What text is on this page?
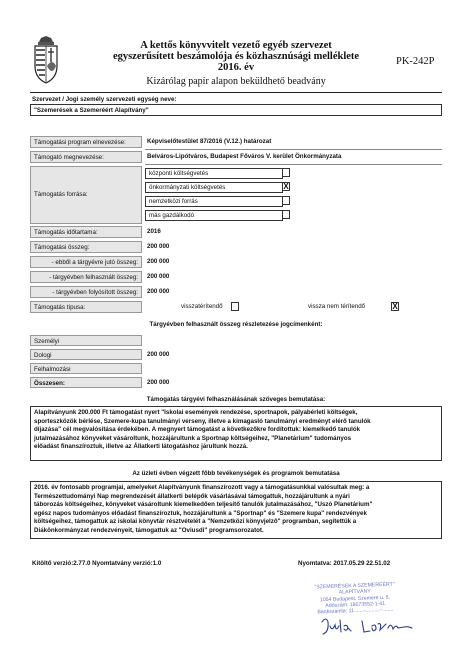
A kettős könyvvitelt vezető egyéb szervezet
egyszerűsített beszámolója és közhasznúsági melléklete
2016. év
Kizárólag papír alapon beküldhető beadvány
PK-242P
Szervezet / Jogi személy szervezeti egység neve:
"Szemerések a Szemeréért Alapítvány"
Támogatási program elnevezése:	Képviselőtestület 87/2016 (V.12.) határozat
Támogató megnevezése:	Belváros-Lipótváros, Budapest Főváros V. kerület Önkormányzata
Támogatás forrása:
központi költségvetés
önkormányzati költségvetés	X
nemzetközi forrás
más gazdálkodó
Támogatás időtartama:	2016
Támogatási összeg:	200 000
- ebből a tárgyévre jutó összeg: 200 000
- tárgyévben felhasznált összeg: 200 000
- tárgyévben folyósított összeg: 200 000
Támogatás típusa:	visszatérítendő	vissza nem térítendő	X
Tárgyévben felhasznált összeg részletezése jogcímenként:
Személyi
Dologi	200 000
Felhalmozási
Összesen:	200 000
Támogatás tárgyévi felhasználásának szöveges bemutatása:
Alapítványunk 200.000 Ft támogatást nyert "Iskolai események rendezése, sportnapok, pályabérleti költségek,
sporteszközök bérlése, Szemere-kupa tanulmányi verseny, illetve a kimagasló tanulmányi eredményt elérő tanulók
díjazása" cél megvalósítása érdekében. A megnyert támogatást a következőkre fordítottuk: kiemelkedő tanulók
jutalmazásához könyveket vásároltunk, hozzájárultunk a Sportnap költségeihez, "Planetárium" tudományos
előadást finanszíroztuk, illetve az Állatkerti látogatáshoz járultunk hozzá.
Az üzleti évben végzett főbb tevékenységek és programok bemutatása
2016. év fontosabb programjai, amelyeket Alapítványunk finanszírozott vagy a támogatásunkkal valósultak meg: a
Természettudományi Nap megrendezését állatkerti belépők vásárlásával támogattuk, hozzájárultunk a nyári
táborozás költségeihez, könyveket vásároltunk kiemelkedően teljesítő tanulók jutalmazásához, "Uszó Planetárium"
egész napos tudományos előadást finanszíroztuk, hozzájárultunk a "Sportnap" és "Szemere kupa" rendezvények
költségeihez, támogattuk az iskolai könyvtár résztvételét a "Nemzetközi könyvjelző" programban, segítettük a
Diákönkormányzat rendezvényeit, támogattuk az "Oviusdi" programsorozatot.
Kitöltő verzió:2.77.0 Nyomtatvány verzió:1.0	Nyomtatva: 2017.05.29 22.51.02
"SZEMERÉSEK A SZEMERÉÉRT"
ALAPÍTVÁNY
1054 Budapest, Szemere u. 5.
Adószám: 18073552-1-41
Bankszámla: 11.......-..........-........
